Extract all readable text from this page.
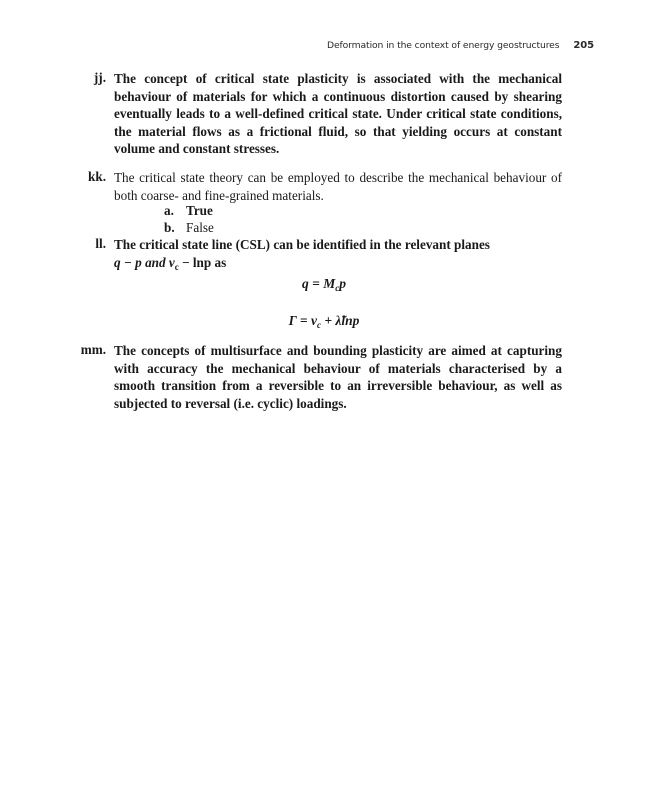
Deformation in the context of energy geostructures 205
jj. The concept of critical state plasticity is associated with the mechanical behaviour of materials for which a continuous distortion caused by shearing eventually leads to a well-defined critical state. Under critical state conditions, the material flows as a frictional fluid, so that yielding occurs at constant volume and constant stresses.
kk. The critical state theory can be employed to describe the mechanical behaviour of both coarse- and fine-grained materials.
a. True
b. False
ll. The critical state line (CSL) can be identified in the relevant planes
q − p and $v_c - \ln p$ as
$q = M_cp$
$\Gamma = v_c$ + λ̃lnp
mm. The concepts of multisurface and bounding plasticity are aimed at capturing with accuracy the mechanical behaviour of materials characterised by a smooth transition from a reversible to an irreversible behaviour, as well as subjected to reversal (i.e. cyclic) loadings.
